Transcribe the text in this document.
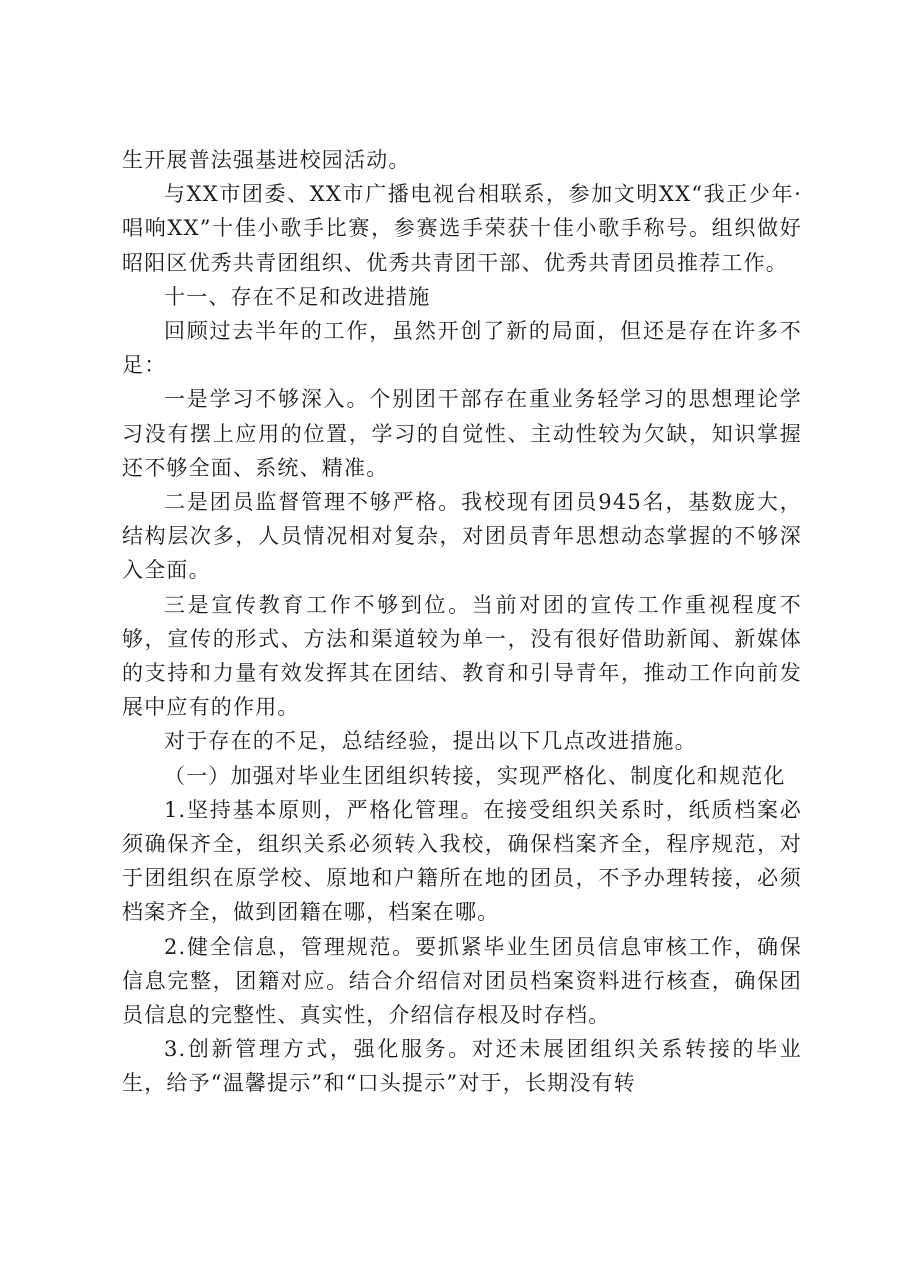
生开展普法强基进校园活动。

与XX市团委、XX市广播电视台相联系，参加文明XX“我正少年·唱响XX”十佳小歌手比赛，参赛选手荣获十佳小歌手称号。组织做好昭阳区优秀共青团组织、优秀共青团干部、优秀共青团员推荐工作。

十一、存在不足和改进措施

回顾过去半年的工作，虽然开创了新的局面，但还是存在许多不足：

一是学习不够深入。个别团干部存在重业务轻学习的思想理论学习没有摆上应用的位置，学习的自觉性、主动性较为欠缺，知识掌握还不够全面、系统、精准。

二是团员监督管理不够严格。我校现有团员945名，基数庞大，结构层次多，人员情况相对复杂，对团员青年思想动态掌握的不够深入全面。

三是宣传教育工作不够到位。当前对团的宣传工作重视程度不够，宣传的形式、方法和渠道较为单一，没有很好借助新闻、新媒体的支持和力量有效发挥其在团结、教育和引导青年，推动工作向前发展中应有的作用。

对于存在的不足，总结经验，提出以下几点改进措施。

（一）加强对毕业生团组织转接，实现严格化、制度化和规范化

1.坚持基本原则，严格化管理。在接受组织关系时，纸质档案必须确保齐全，组织关系必须转入我校，确保档案齐全，程序规范，对于团组织在原学校、原地和户籍所在地的团员，不予办理转接，必须档案齐全，做到团籍在哪，档案在哪。

2.健全信息，管理规范。要抓紧毕业生团员信息审核工作，确保信息完整，团籍对应。结合介绍信对团员档案资料进行核查，确保团员信息的完整性、真实性，介绍信存根及时存档。

3.创新管理方式，强化服务。对还未展团组织关系转接的毕业生，给予“温馨提示”和“口头提示”对于，长期没有转
